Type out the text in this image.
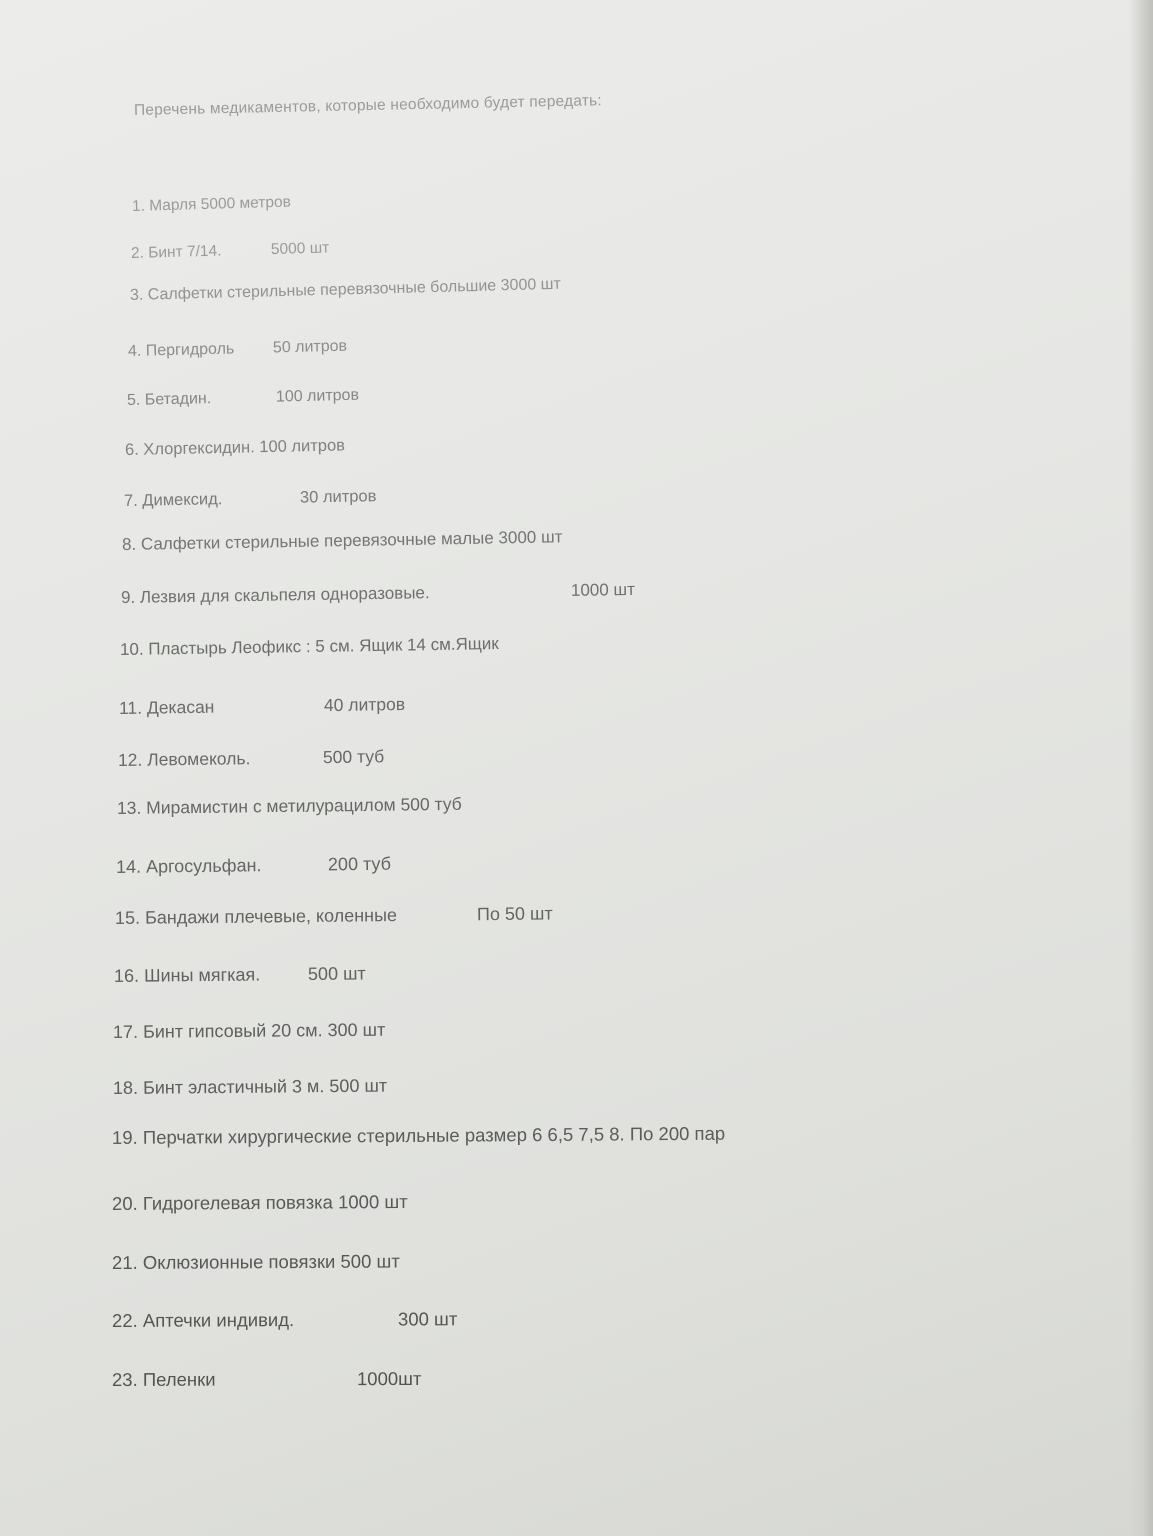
Перечень медикаментов, которые необходимо будет передать:
1. Марля 5000 метров
2. Бинт 7/14.	5000 шт
3. Салфетки стерильные перевязочные большие 3000 шт
4. Пергидроль 50 литров
5. Бетадин.	100 литров
6. Хлоргексидин. 100 литров
7. Димексид.	30 литров
8. Салфетки стерильные перевязочные малые 3000 шт
9. Лезвия для скальпеля одноразовые.	1000 шт
10. Пластырь Леофикс : 5 см. Ящик 14 см.Ящик
11. Декасан	40 литров
12. Левомеколь.	500 туб
13. Мирамистин с метилурацилом 500 туб
14. Аргосульфан.	200 туб
15. Бандажи плечевые, коленные	По 50 шт
16. Шины мягкая.	500 шт
17. Бинт гипсовый 20 см. 300 шт
18. Бинт эластичный 3 м. 500 шт
19. Перчатки хирургические стерильные размер 6 6,5 7,5 8. По 200 пар
20. Гидрогелевая повязка 1000 шт
21. Оклюзионные повязки 500 шт
22. Аптечки индивид.	300 шт
23. Пеленки	1000шт
